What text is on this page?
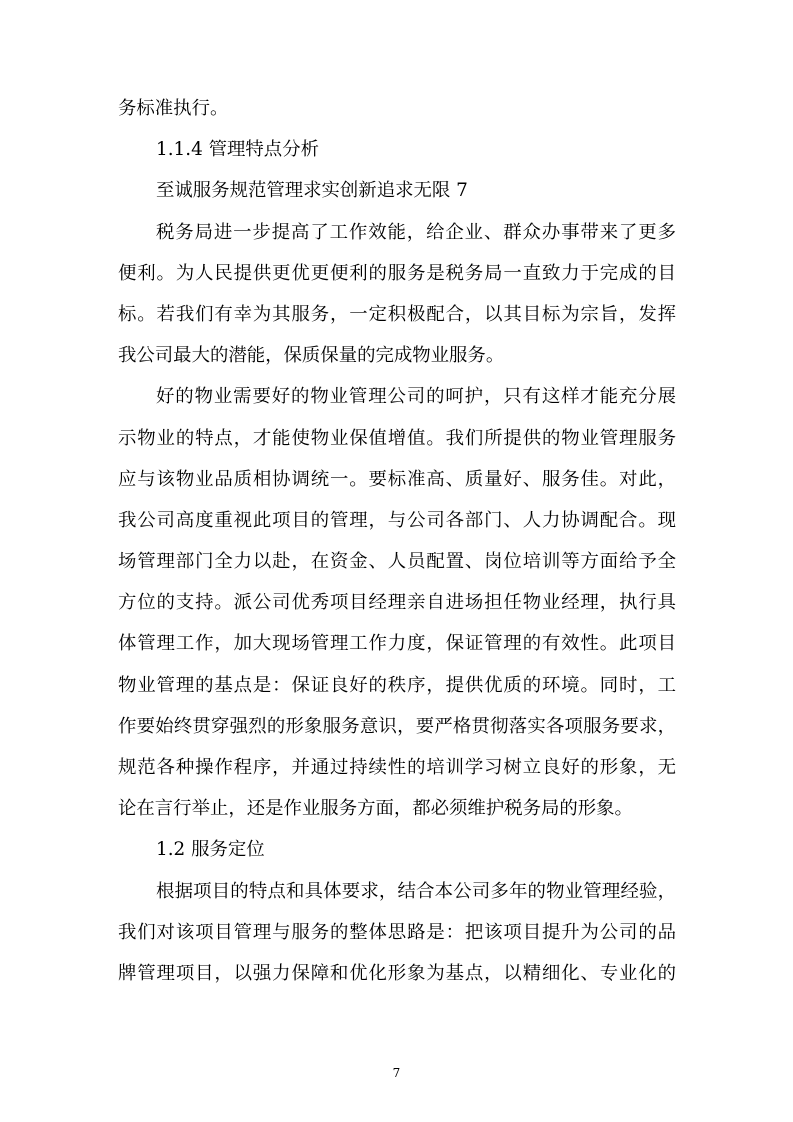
务标准执行。
1.1.4 管理特点分析
至诚服务规范管理求实创新追求无限 7
税务局进一步提高了工作效能，给企业、群众办事带来了更多
便利。为人民提供更优更便利的服务是税务局一直致力于完成的目
标。若我们有幸为其服务，一定积极配合，以其目标为宗旨，发挥
我公司最大的潜能，保质保量的完成物业服务。
好的物业需要好的物业管理公司的呵护，只有这样才能充分展
示物业的特点，才能使物业保值增值。我们所提供的物业管理服务
应与该物业品质相协调统一。要标准高、质量好、服务佳。对此，
我公司高度重视此项目的管理，与公司各部门、人力协调配合。现
场管理部门全力以赴，在资金、人员配置、岗位培训等方面给予全
方位的支持。派公司优秀项目经理亲自进场担任物业经理，执行具
体管理工作，加大现场管理工作力度，保证管理的有效性。此项目
物业管理的基点是：保证良好的秩序，提供优质的环境。同时，工
作要始终贯穿强烈的形象服务意识，要严格贯彻落实各项服务要求，
规范各种操作程序，并通过持续性的培训学习树立良好的形象，无
论在言行举止，还是作业服务方面，都必须维护税务局的形象。
1.2 服务定位
根据项目的特点和具体要求，结合本公司多年的物业管理经验，
我们对该项目管理与服务的整体思路是：把该项目提升为公司的品
牌管理项目，以强力保障和优化形象为基点，以精细化、专业化的
7
